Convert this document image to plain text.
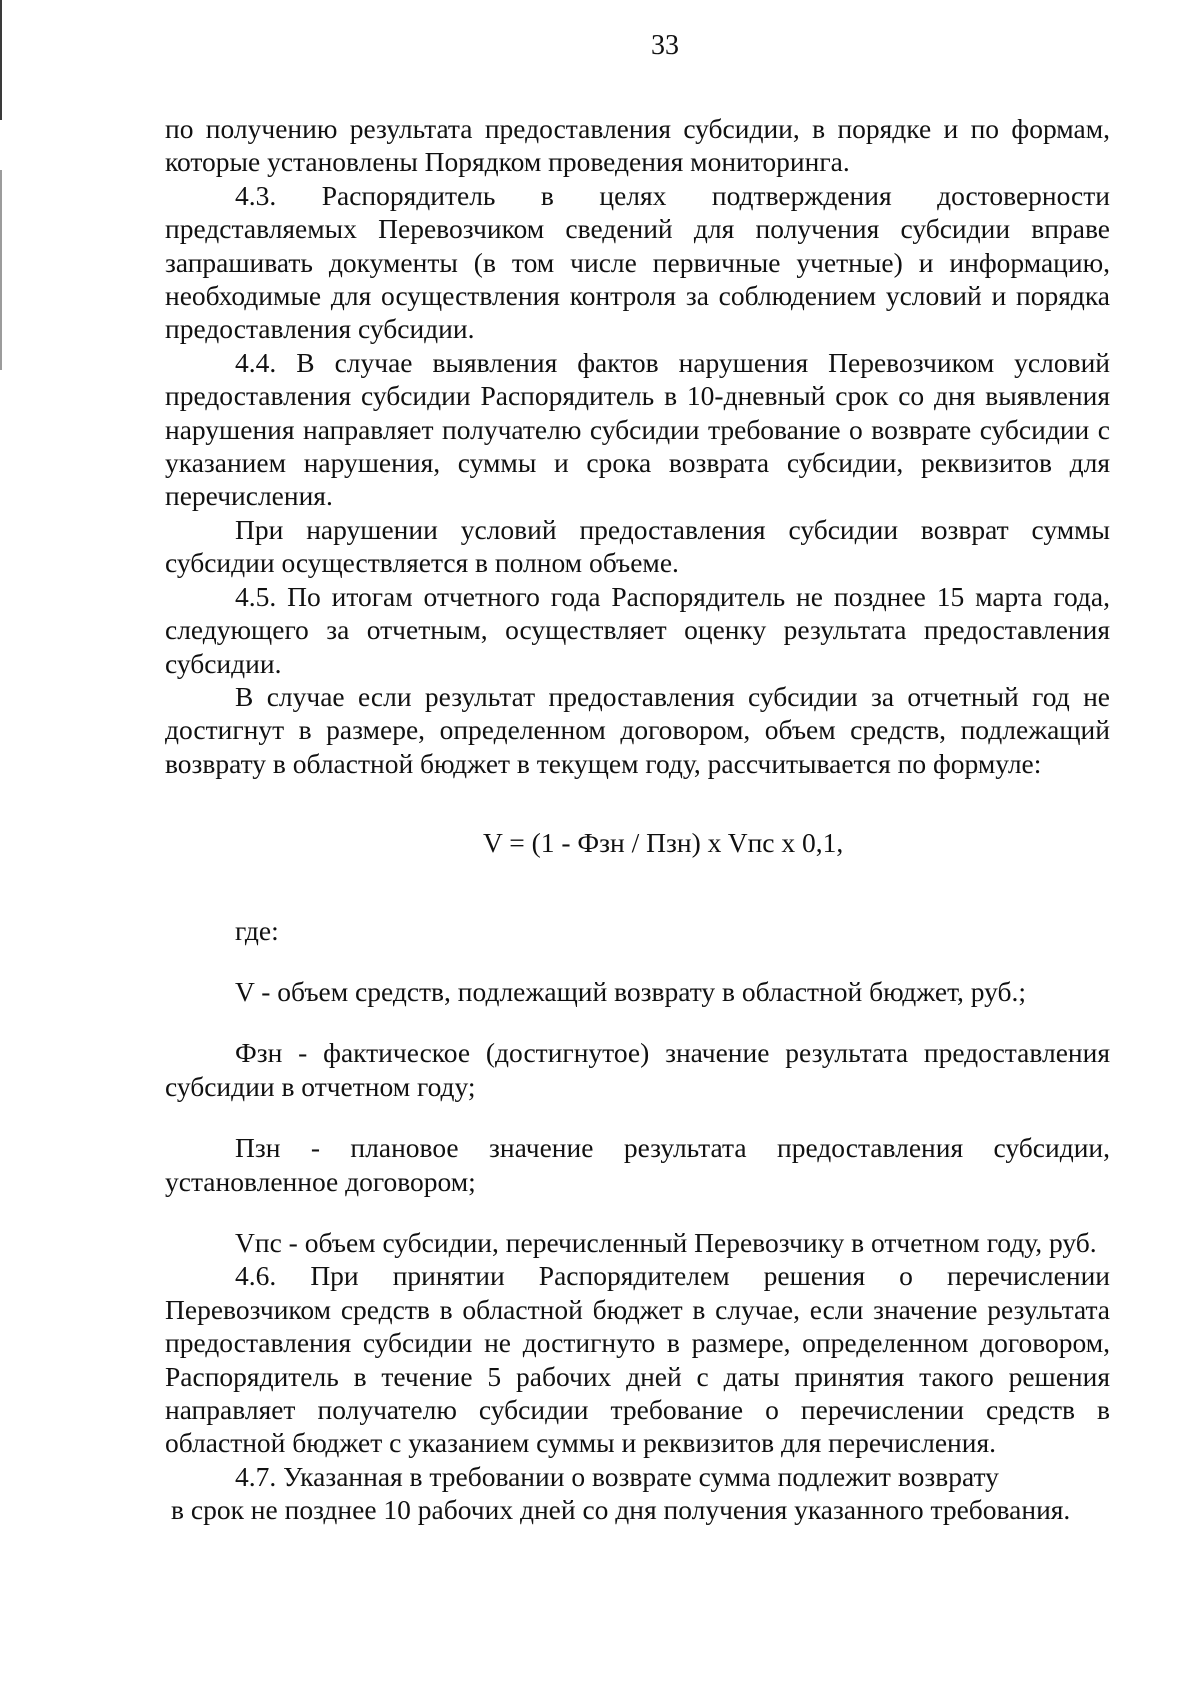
33

по получению результата предоставления субсидии, в порядке и по формам, которые установлены Порядком проведения мониторинга.

4.3. Распорядитель в целях подтверждения достоверности представляемых Перевозчиком сведений для получения субсидии вправе запрашивать документы (в том числе первичные учетные) и информацию, необходимые для осуществления контроля за соблюдением условий и порядка предоставления субсидии.

4.4. В случае выявления фактов нарушения Перевозчиком условий предоставления субсидии Распорядитель в 10-дневный срок со дня выявления нарушения направляет получателю субсидии требование о возврате субсидии с указанием нарушения, суммы и срока возврата субсидии, реквизитов для перечисления.

При нарушении условий предоставления субсидии возврат суммы субсидии осуществляется в полном объеме.

4.5. По итогам отчетного года Распорядитель не позднее 15 марта года, следующего за отчетным, осуществляет оценку результата предоставления субсидии.

В случае если результат предоставления субсидии за отчетный год не достигнут в размере, определенном договором, объем средств, подлежащий возврату в областной бюджет в текущем году, рассчитывается по формуле:

V = (1 - Фзн / Пзн) x Vпс x 0,1,

где:

V - объем средств, подлежащий возврату в областной бюджет, руб.;

Фзн - фактическое (достигнутое) значение результата предоставления субсидии в отчетном году;

Пзн - плановое значение результата предоставления субсидии, установленное договором;

Vпс - объем субсидии, перечисленный Перевозчику в отчетном году, руб.

4.6. При принятии Распорядителем решения о перечислении Перевозчиком средств в областной бюджет в случае, если значение результата предоставления субсидии не достигнуто в размере, определенном договором, Распорядитель в течение 5 рабочих дней с даты принятия такого решения направляет получателю субсидии требование о перечислении средств в областной бюджет с указанием суммы и реквизитов для перечисления.

4.7. Указанная в требовании о возврате сумма подлежит возврату

в срок не позднее 10 рабочих дней со дня получения указанного требования.
